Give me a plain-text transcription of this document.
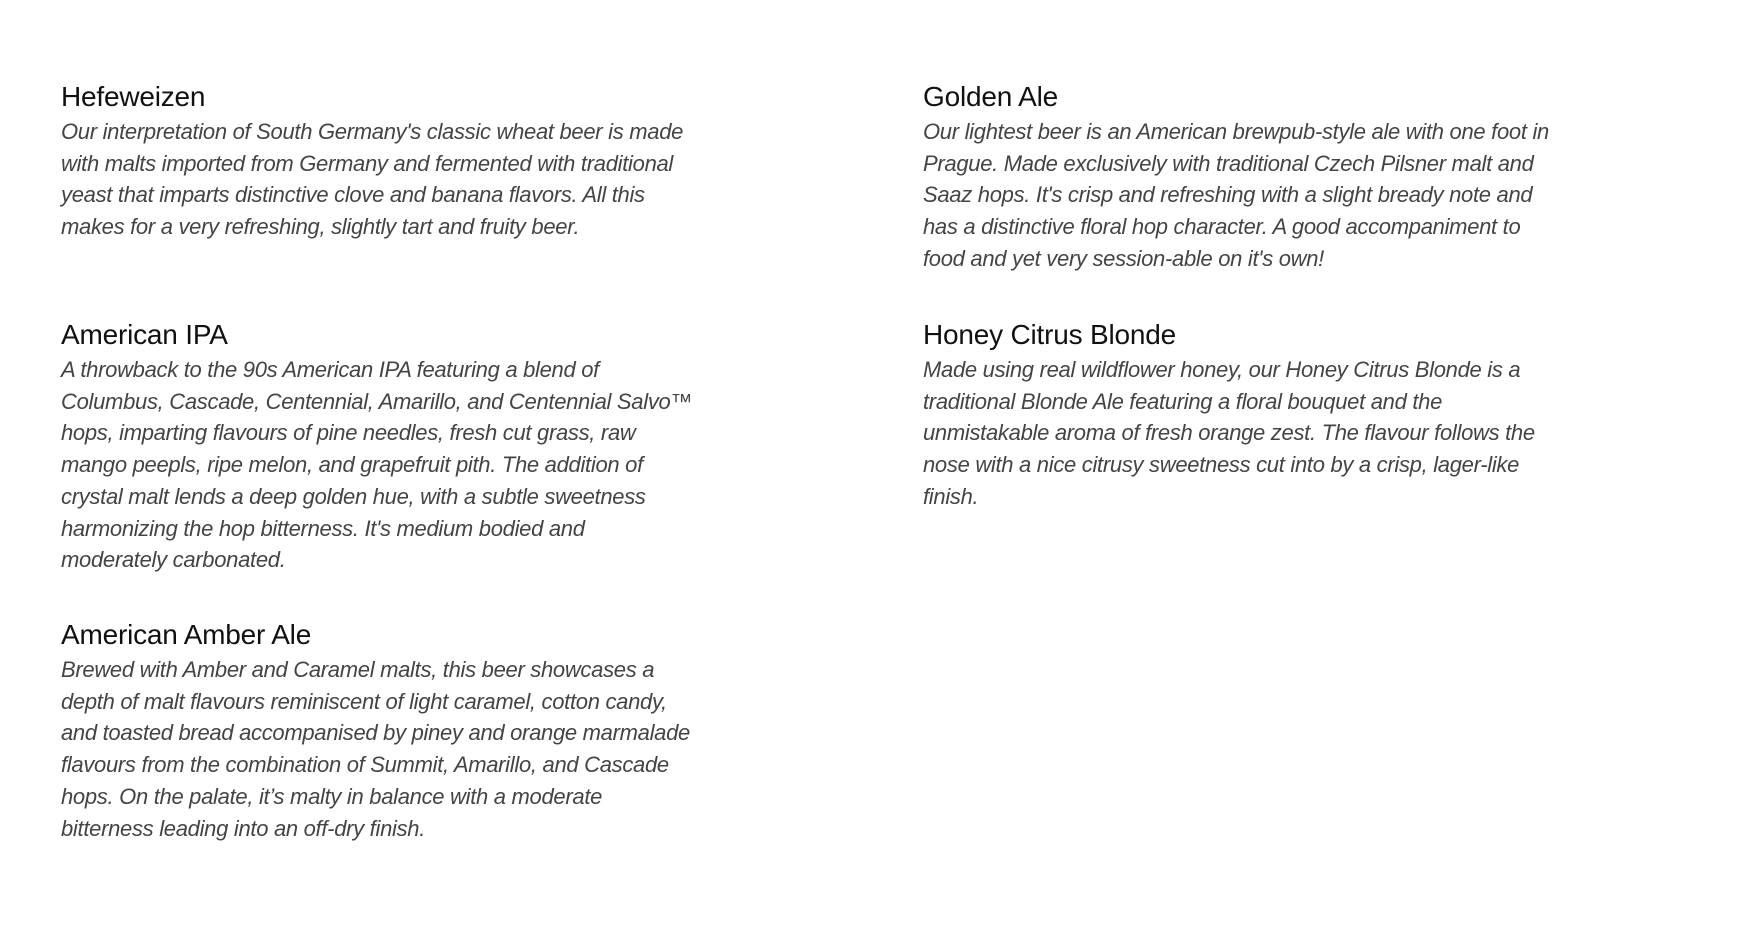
Hefeweizen

Our interpretation of South Germany's classic wheat beer is made
with malts imported from Germany and fermented with traditional
yeast that imparts distinctive clove and banana flavors. All this
makes for a very refreshing, slightly tart and fruity beer.

American IPA

A throwback to the 90s American IPA featuring a blend of
Columbus, Cascade, Centennial, Amarillo, and Centennial Salvo™
hops, imparting flavours of pine needles, fresh cut grass, raw
mango peepls, ripe melon, and grapefruit pith. The addition of
crystal malt lends a deep golden hue, with a subtle sweetness
harmonizing the hop bitterness. It's medium bodied and
moderately carbonated.

American Amber Ale

Brewed with Amber and Caramel malts, this beer showcases a
depth of malt flavours reminiscent of light caramel, cotton candy,
and toasted bread accompanised by piney and orange marmalade
flavours from the combination of Summit, Amarillo, and Cascade
hops. On the palate, it’s malty in balance with a moderate
bitterness leading into an off-dry finish.

Golden Ale

Our lightest beer is an American brewpub-style ale with one foot in
Prague. Made exclusively with traditional Czech Pilsner malt and
Saaz hops. It's crisp and refreshing with a slight bready note and
has a distinctive floral hop character. A good accompaniment to
food and yet very session-able on it's own!

Honey Citrus Blonde

Made using real wildflower honey, our Honey Citrus Blonde is a
traditional Blonde Ale featuring a floral bouquet and the
unmistakable aroma of fresh orange zest. The flavour follows the
nose with a nice citrusy sweetness cut into by a crisp, lager-like
finish.
